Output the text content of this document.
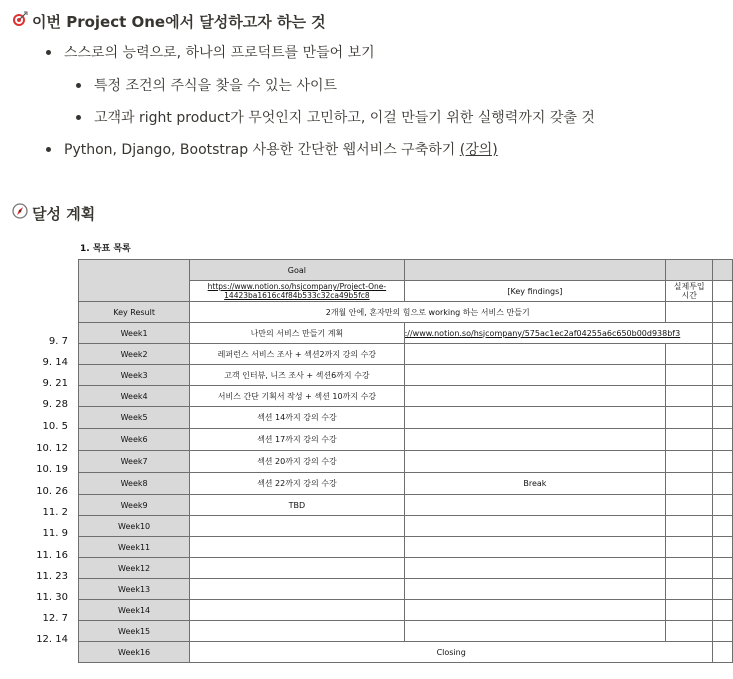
이번 Project One에서 달성하고자 하는 것
스스로의 능력으로, 하나의 프로덕트를 만들어 보기
특정 조건의 주식을 찾을 수 있는 사이트
고객과 right product가 무엇인지 고민하고, 이걸 만들기 위한 실행력까지 갖출 것
Python, Django, Bootstrap 사용한 간단한 웹서비스 구축하기 (강의)
달성 계획
1. 목표 목록
9. 7
9. 14
9. 21
9. 28
10. 5
10. 12
10. 19
10. 26
11. 2
11. 9
11. 16
11. 23
11. 30
12. 7
12. 14
	Goal			
	https://www.notion.so/hsjcompany/Project-One-14423ba1616c4f84b533c32ca49b5fc8	[Key findings]	실제투입
시간	
Key Result	2개월 안에, 혼자만의 힘으로 working 하는 서비스 만들기			
Week1	나만의 서비스 만들기 계획	://www.notion.so/hsjcompany/575ac1ec2af04255a6c650b00d938bf3		
Week2	레퍼런스 서비스 조사 + 섹션2까지 강의 수강			
Week3	고객 인터뷰, 니즈 조사 + 섹션6까지 수강			
Week4	서비스 간단 기획서 작성 + 섹션 10까지 수강			
Week5	섹션 14까지 강의 수강			
Week6	섹션 17까지 강의 수강			
Week7	섹션 20까지 강의 수강			
Week8	섹션 22까지 강의 수강	Break		
Week9	TBD			
Week10				
Week11				
Week12				
Week13				
Week14				
Week15				
Week16	Closing			
